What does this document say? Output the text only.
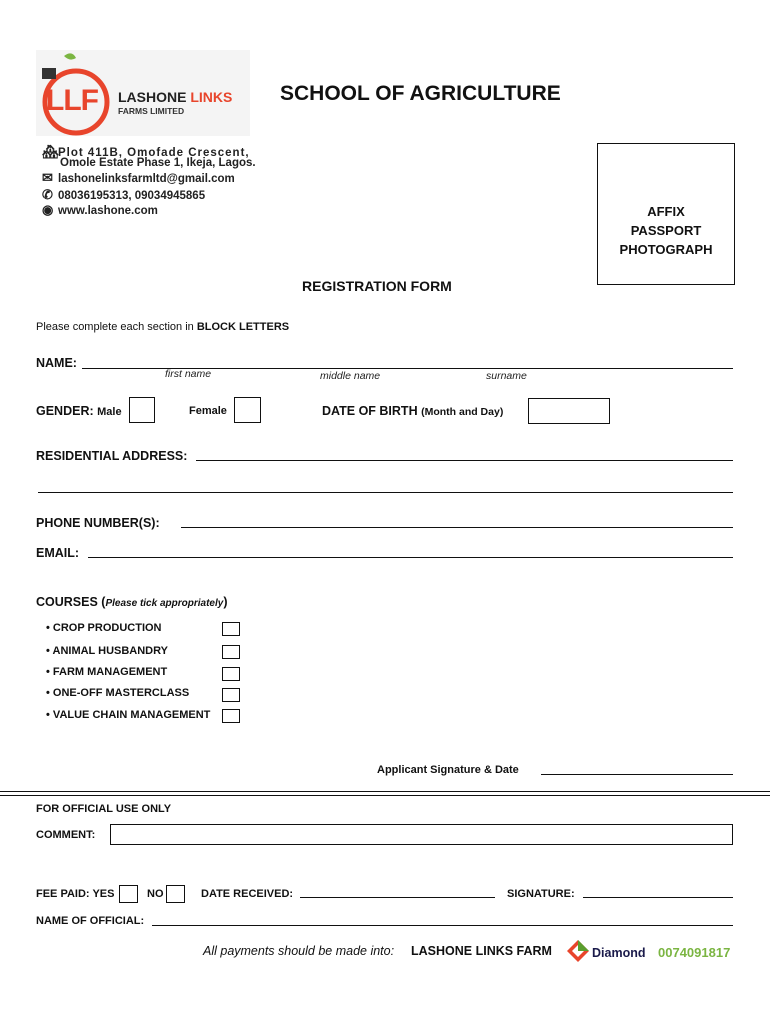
LLF LASHONE LINKS
FARMS LIMITED
SCHOOL OF AGRICULTURE
🏘Plot 411B, Omofade Crescent,
Omole Estate Phase 1, Ikeja, Lagos.
✉ lashonelinksfarmltd@gmail.com
✆ 08036195313, 09034945865
◉ www.lashone.com	AFFIX
PASSPORT
PHOTOGRAPH
REGISTRATION FORM
Please complete each section in BLOCK LETTERS
NAME:
first name	middle name	surname
GENDER: Male	Female	DATE OF BIRTH (Month and Day)
RESIDENTIAL ADDRESS:
PHONE NUMBER(S):
EMAIL:
COURSES (Please tick appropriately)
• CROP PRODUCTION
• ANIMAL HUSBANDRY
• FARM MANAGEMENT
• ONE-OFF MASTERCLASS
• VALUE CHAIN MANAGEMENT
Applicant Signature & Date
FOR OFFICIAL USE ONLY
COMMENT:
FEE PAID: YES	NO	DATE RECEIVED:	SIGNATURE:
NAME OF OFFICIAL:
All payments should be made into: LASHONE LINKS FARM	Diamond 0074091817
